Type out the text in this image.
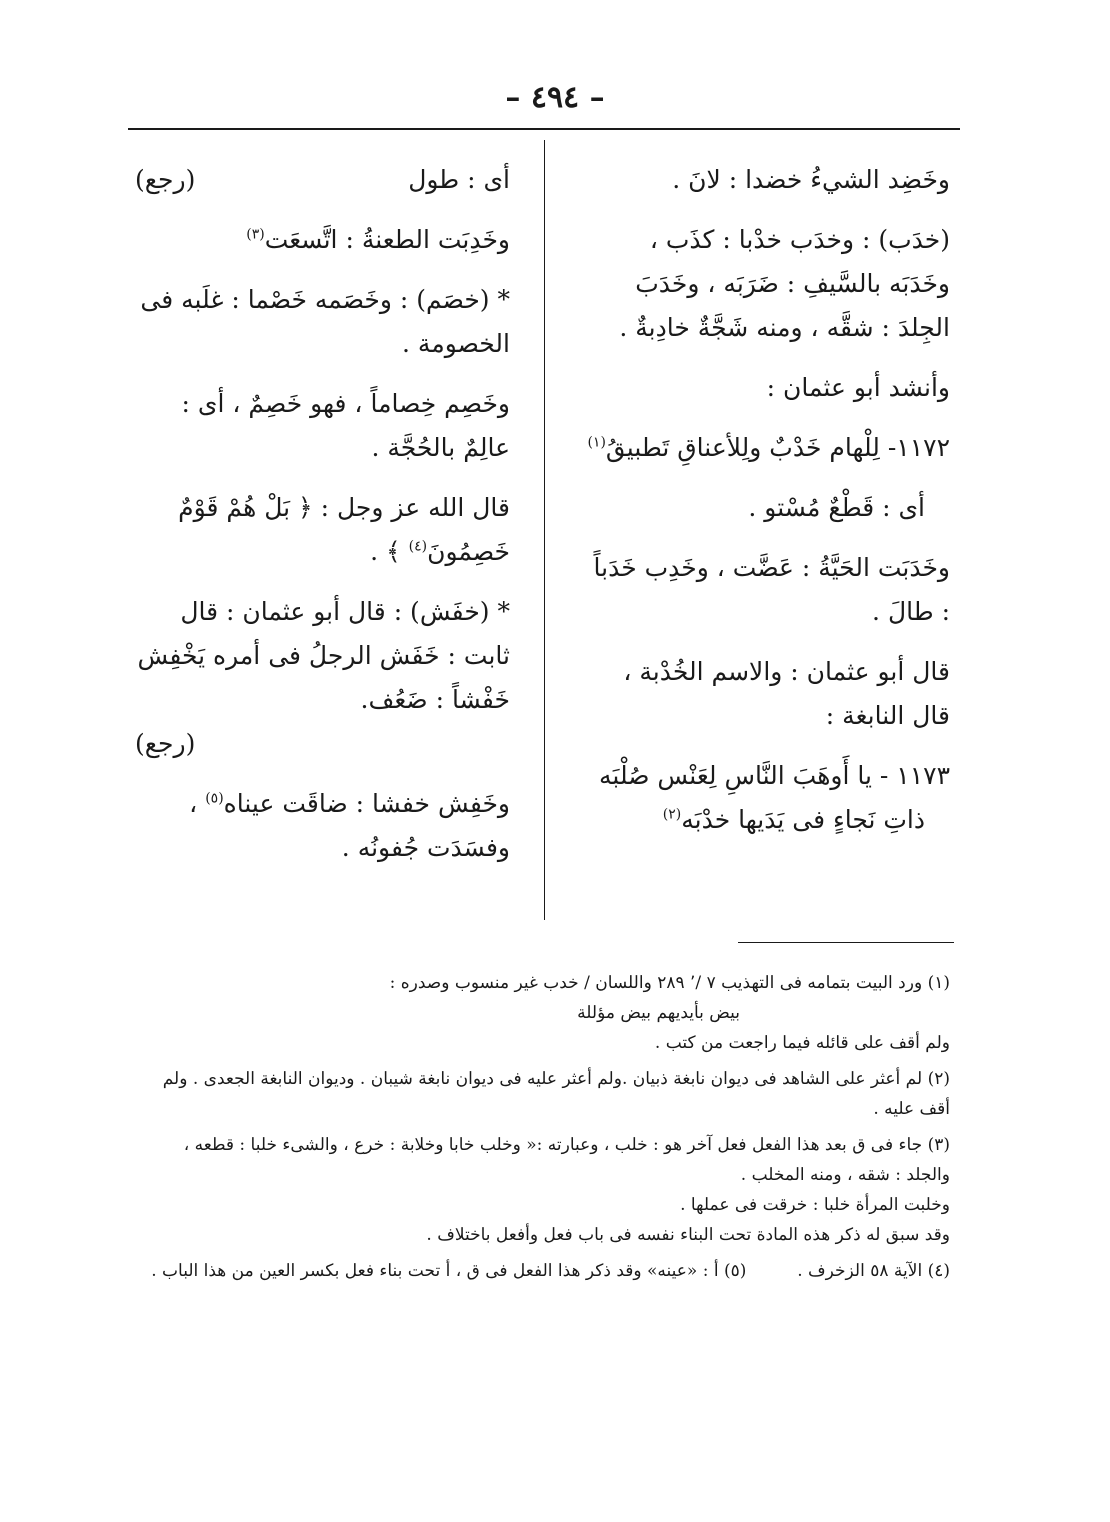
– ٤٩٤ –

وخَضِد الشيءُ خضدا : لانَ .

(خدَب) : وخدَب خدْبا : كذَب ، وخَدَبَه بالسَّيفِ : ضَرَبَه ، وخَدَبَ الجِلدَ : شقَّه ، ومنه شَجَّةٌ خادِبةٌ .

وأنشد أبو عثمان :

١١٧٢- لِلْهام خَدْبٌ ولِلأعناقِ تَطبيقُ$^{(١)}$

أى : قَطْعٌ مُسْتو .

وخَدَبَت الحَيَّةُ : عَضَّت ، وخَدِب خَدَباً : طالَ .

قال أبو عثمان : والاسم الخُدْبة ، قال النابغة :

١١٧٣ - يا أَوهَبَ النَّاسِ لِعَنْس صُلْبَه

ذاتِ نَجاءٍ فى يَدَيها خدْبَه$^{(٢)}$

أى : طول
(رجع)

وخَدِبَت الطعنةُ : اتَّسعَت$^{(٣)}$

* (خصَم) : وخَصَمه خَصْما : غلَبه فى الخصومة .

وخَصِم خِصاماً ، فهو خَصِمٌ ، أى : عالِمٌ بالحُجَّة .

قال الله عز وجل : ﴿ بَلْ هُمْ قَوْمٌ خَصِمُونَ$^{(٤)}$ ﴾ .

* (خفَش) : قال أبو عثمان : قال ثابت : خَفَش الرجلُ فى أمره يَخْفِش خَفْشاً : ضَعُف.

(رجع)

وخَفِش خفشا : ضاقَت عيناه$^{(٥)}$ ، وفسَدَت جُفونُه .

(١) ورد البيت بتمامه فى التهذيب ٧ /٬ ٢٨٩ واللسان / خدب غير منسوب وصدره :

بيض بأيديهم بيض مؤللة

ولم أقف على قائله فيما راجعت من كتب .

(٢) لم أعثر على الشاهد فى ديوان نابغة ذبيان .ولم أعثر عليه فى ديوان نابغة شيبان . وديوان النابغة الجعدى . ولم أقف عليه .

(٣) جاء فى ق بعد هذا الفعل فعل آخر هو : خلب ، وعبارته :« وخلب خابا وخلابة : خرع ، والشىء خلبا : قطعه ، والجلد : شقه ، ومنه المخلب .

وخلبت المرأة خلبا : خرقت فى عملها .

وقد سبق له ذكر هذه المادة تحت البناء نفسه فى باب فعل وأفعل باختلاف .

(٤) الآية ٥٨ الزخرف .  (٥) أ : «عينه» وقد ذكر هذا الفعل فى ق ، أ تحت بناء فعل بكسر العين من هذا الباب .
